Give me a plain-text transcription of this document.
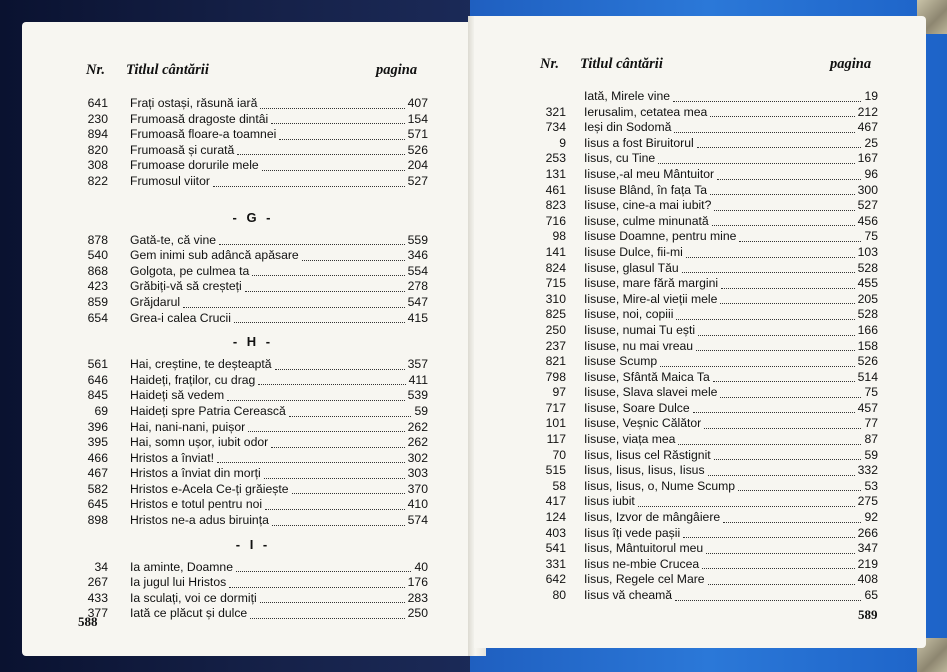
Nr. Titlul cântării	pagina
641 Frați ostași, răsună iară	407
230 Frumoasă dragoste dintâi	154
894 Frumoasă floare-a toamnei	571
820 Frumoasă și curată	526
308 Frumoase dorurile mele	204
822 Frumosul viitor	527
- G -
878 Gată-te, că vine	559
540 Gem inimi sub adâncă apăsare	346
868 Golgota, pe culmea ta	554
423 Grăbiți-vă să creșteți	278
859 Grăjdarul	547
654 Grea-i calea Crucii	415
- H -
561 Hai, creștine, te deșteaptă	357
646 Haideți, fraților, cu drag	411
845 Haideți să vedem	539
69 Haideți spre Patria Cerească	59
396 Hai, nani-nani, puișor	262
395 Hai, somn ușor, iubit odor	262
466 Hristos a înviat!	302
467 Hristos a înviat din morți	303
582 Hristos e-Acela Ce-ți grăiește	370
645 Hristos e totul pentru noi	410
898 Hristos ne-a adus biruința	574
- I -
34 Ia aminte, Doamne	40
267 Ia jugul lui Hristos	176
433 Ia sculați, voi ce dormiți	283
377 Iată ce plăcut și dulce	250
588
Nr. Titlul cântării	pagina
Iată, Mirele vine	19
321 Ierusalim, cetatea mea	212
734 Ieși din Sodomă	467
9 Iisus a fost Biruitorul	25
253 Iisus, cu Tine	167
131 Iisuse,-al meu Mântuitor	96
461 Iisuse Blând, în fața Ta	300
823 Iisuse, cine-a mai iubit?	527
716 Iisuse, culme minunată	456
98 Iisuse Doamne, pentru mine	75
141 Iisuse Dulce, fii-mi	103
824 Iisuse, glasul Tău	528
715 Iisuse, mare fără margini	455
310 Iisuse, Mire-al vieții mele	205
825 Iisuse, noi, copiii	528
250 Iisuse, numai Tu ești	166
237 Iisuse, nu mai vreau	158
821 Iisuse Scump	526
798 Iisuse, Sfântă Maica Ta	514
97 Iisuse, Slava slavei mele	75
717 Iisuse, Soare Dulce	457
101 Iisuse, Veșnic Călător	77
117 Iisuse, viața mea	87
70 Iisus, Iisus cel Răstignit	59
515 Iisus, Iisus, Iisus, Iisus	332
58 Iisus, Iisus, o, Nume Scump	53
417 Iisus iubit	275
124 Iisus, Izvor de mângâiere	92
403 Iisus îți vede pașii	266
541 Iisus, Mântuitorul meu	347
331 Iisus ne-mbie Crucea	219
642 Iisus, Regele cel Mare	408
80 Iisus vă cheamă	65
589
